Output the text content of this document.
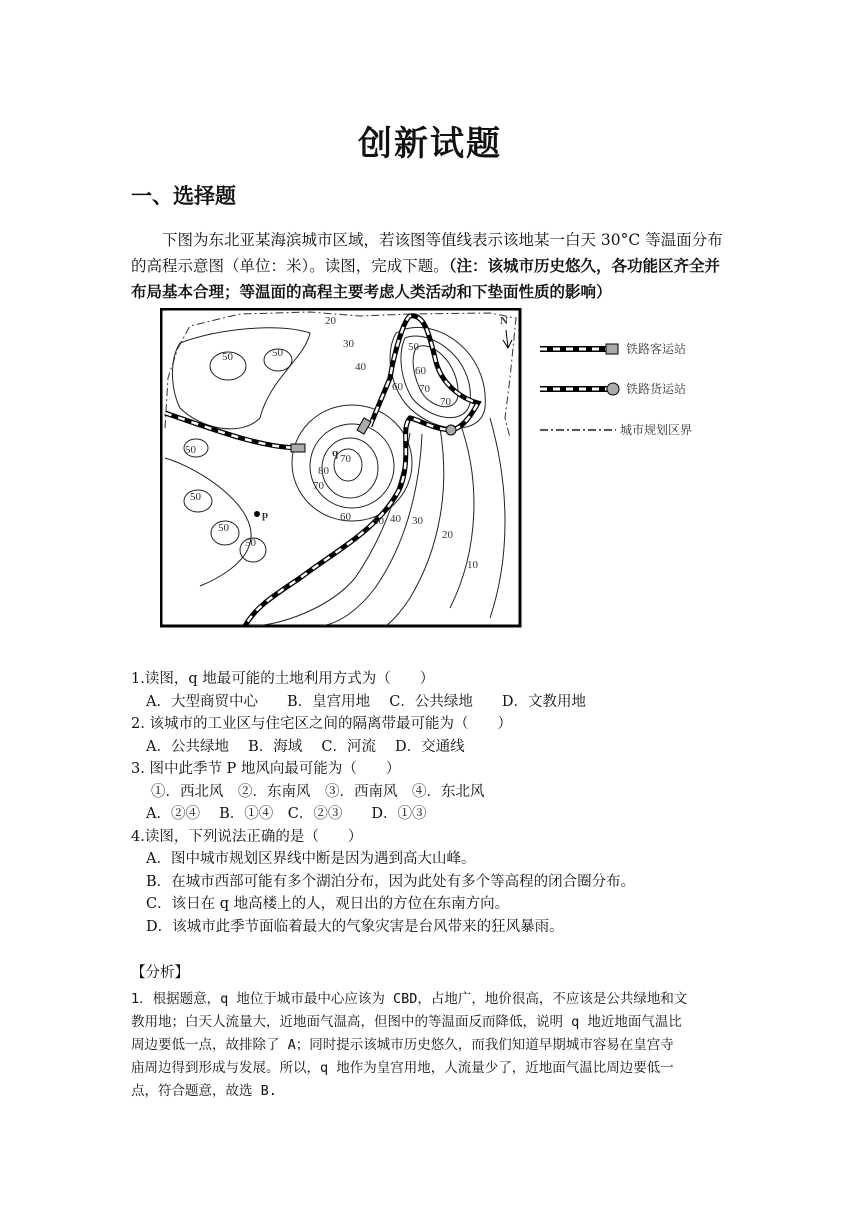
创新试题
一、选择题
下图为东北亚某海滨城市区域，若该图等值线表示该地某一白天 30°C 等温面分布的高程示意图（单位：米）。读图，完成下题。（注：该城市历史悠久，各功能区齐全并布局基本合理；等温面的高程主要考虑人类活动和下垫面性质的影响）
20
30
40
60
50
60
70
70
50	50
50
50
50
50
q 70
80
70
60 50 40 30
20
10
N
p
铁路客运站
铁路货运站
城市规划区界
1.读图，q 地最可能的土地利用方式为（　　）
A．大型商贸中心　　B．皇宫用地　 C．公共绿地　　D．文教用地
2. 该城市的工业区与住宅区之间的隔离带最可能为（　　）
A．公共绿地　 B．海域　 C．河流　 D．交通线
3. 图中此季节 P 地风向最可能为（　　）
①．西北风　②．东南风　③．西南风　④．东北风
A．②④　 B．①④　C．②③　　D．①③
4.读图，下列说法正确的是（　　）
A．图中城市规划区界线中断是因为遇到高大山峰。
B．在城市西部可能有多个湖泊分布，因为此处有多个等高程的闭合圈分布。
C．该日在 q 地高楼上的人，观日出的方位在东南方向。
D．该城市此季节面临着最大的气象灾害是台风带来的狂风暴雨。
【分析】
1．根据题意，q 地位于城市最中心应该为 CBD，占地广，地价很高，不应该是公共绿地和文
教用地；白天人流量大，近地面气温高，但图中的等温面反而降低，说明 q 地近地面气温比
周边要低一点，故排除了 A；同时提示该城市历史悠久，而我们知道早期城市容易在皇宫寺
庙周边得到形成与发展。所以，q 地作为皇宫用地，人流量少了，近地面气温比周边要低一
点，符合题意，故选 B.
